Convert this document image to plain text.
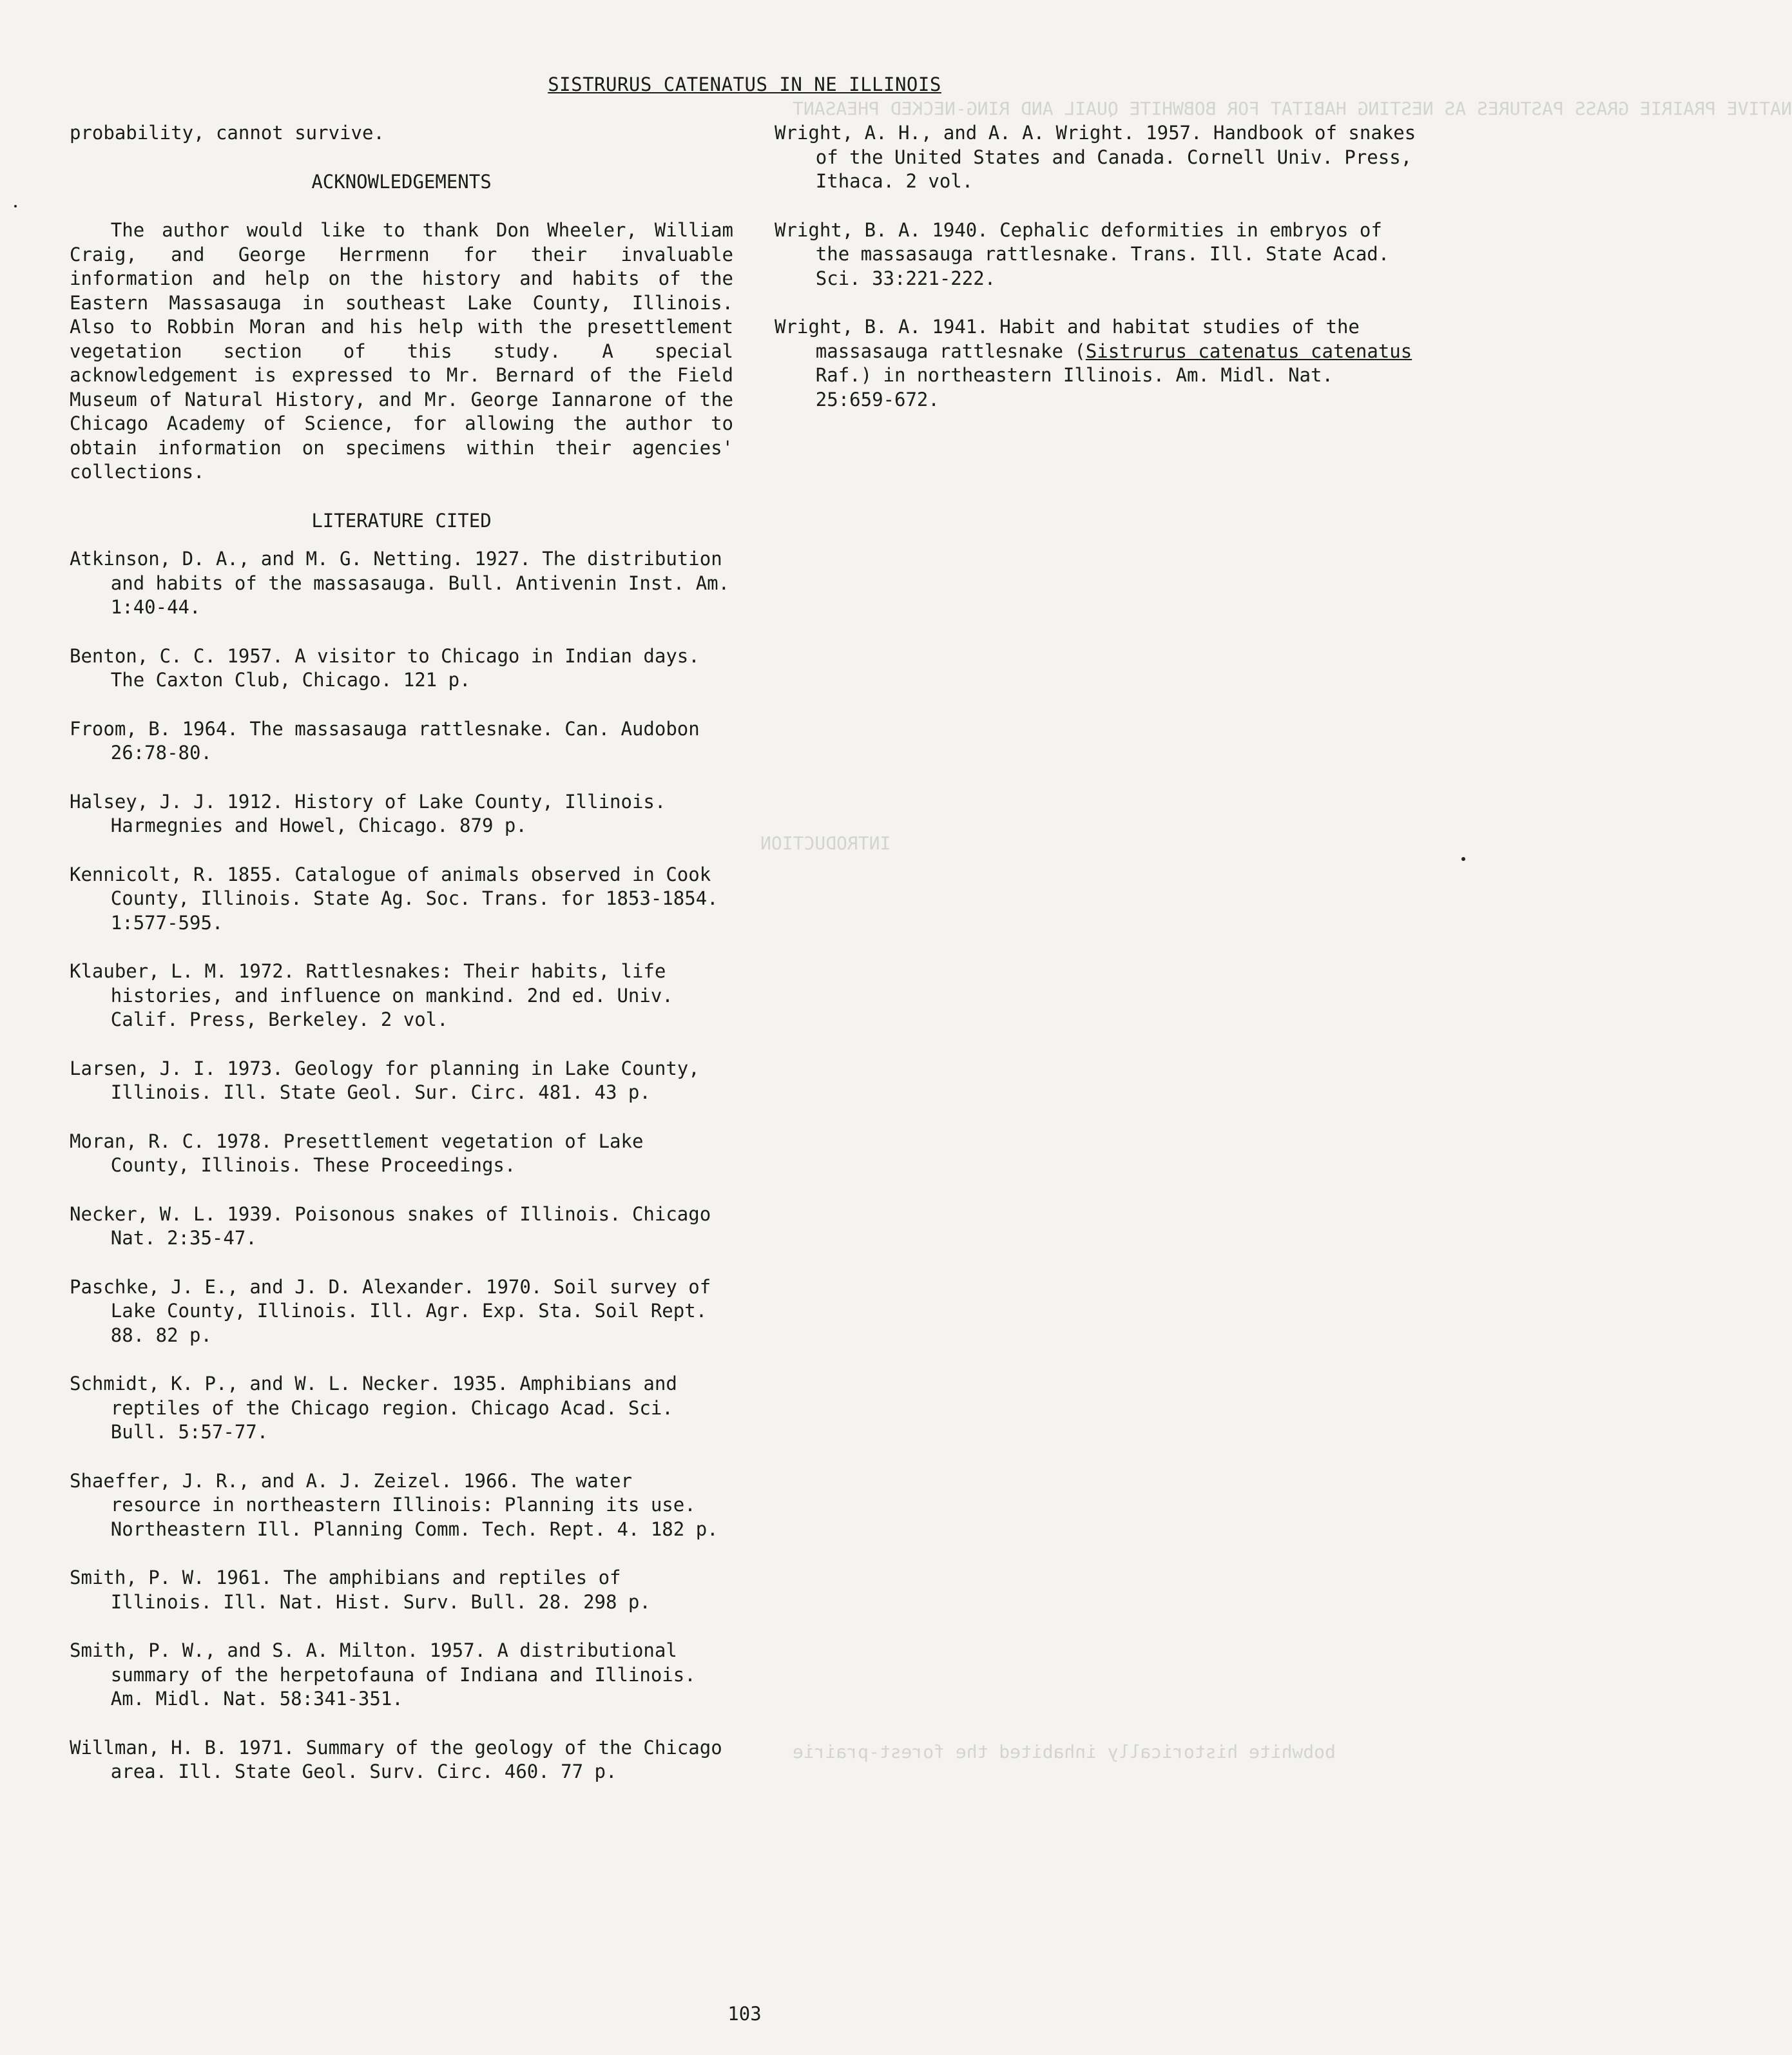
NATIVE PRAIRIE GRASS PASTURES AS NESTING HABITAT FOR BOBWHITE QUAIL AND RING-NECKED PHEASANT
INTRODUCTION
bobwhite historically inhabited the forest-prairie
SISTRURUS CATENATUS IN NE ILLINOIS

probability, cannot survive.

ACKNOWLEDGEMENTS

The author would like to thank Don Wheeler, William Craig, and George Herrmenn for their invaluable information and help on the history and habits of the Eastern Massasauga in southeast Lake County, Illinois. Also to Robbin Moran and his help with the presettlement vegetation section of this study. A special acknowledgement is expressed to Mr. Bernard of the Field Museum of Natural History, and Mr. George Iannarone of the Chicago Academy of Science, for allowing the author to obtain information on specimens within their agencies' collections.

LITERATURE CITED

Atkinson, D. A., and M. G. Netting. 1927. The distribution and habits of the massasauga. Bull. Antivenin Inst. Am. 1:40-44.

Benton, C. C. 1957. A visitor to Chicago in Indian days. The Caxton Club, Chicago. 121 p.

Froom, B. 1964. The massasauga rattlesnake. Can. Audobon 26:78-80.

Halsey, J. J. 1912. History of Lake County, Illinois. Harmegnies and Howel, Chicago. 879 p.

Kennicolt, R. 1855. Catalogue of animals observed in Cook County, Illinois. State Ag. Soc. Trans. for 1853-1854. 1:577-595.

Klauber, L. M. 1972. Rattlesnakes: Their habits, life histories, and influence on mankind. 2nd ed. Univ. Calif. Press, Berkeley. 2 vol.

Larsen, J. I. 1973. Geology for planning in Lake County, Illinois. Ill. State Geol. Sur. Circ. 481. 43 p.

Moran, R. C. 1978. Presettlement vegetation of Lake County, Illinois. These Proceedings.

Necker, W. L. 1939. Poisonous snakes of Illinois. Chicago Nat. 2:35-47.

Paschke, J. E., and J. D. Alexander. 1970. Soil survey of Lake County, Illinois. Ill. Agr. Exp. Sta. Soil Rept. 88. 82 p.

Schmidt, K. P., and W. L. Necker. 1935. Amphibians and reptiles of the Chicago region. Chicago Acad. Sci. Bull. 5:57-77.

Shaeffer, J. R., and A. J. Zeizel. 1966. The water resource in northeastern Illinois: Planning its use. Northeastern Ill. Planning Comm. Tech. Rept. 4. 182 p.

Smith, P. W. 1961. The amphibians and reptiles of Illinois. Ill. Nat. Hist. Surv. Bull. 28. 298 p.

Smith, P. W., and S. A. Milton. 1957. A distributional summary of the herpetofauna of Indiana and Illinois. Am. Midl. Nat. 58:341-351.

Willman, H. B. 1971. Summary of the geology of the Chicago area. Ill. State Geol. Surv. Circ. 460. 77 p.

Wright, A. H., and A. A. Wright. 1957. Handbook of snakes of the United States and Canada. Cornell Univ. Press, Ithaca. 2 vol.

Wright, B. A. 1940. Cephalic deformities in embryos of the massasauga rattlesnake. Trans. Ill. State Acad. Sci. 33:221-222.

Wright, B. A. 1941. Habit and habitat studies of the massasauga rattlesnake (Sistrurus catenatus catenatus Raf.) in northeastern Illinois. Am. Midl. Nat. 25:659-672.

103
